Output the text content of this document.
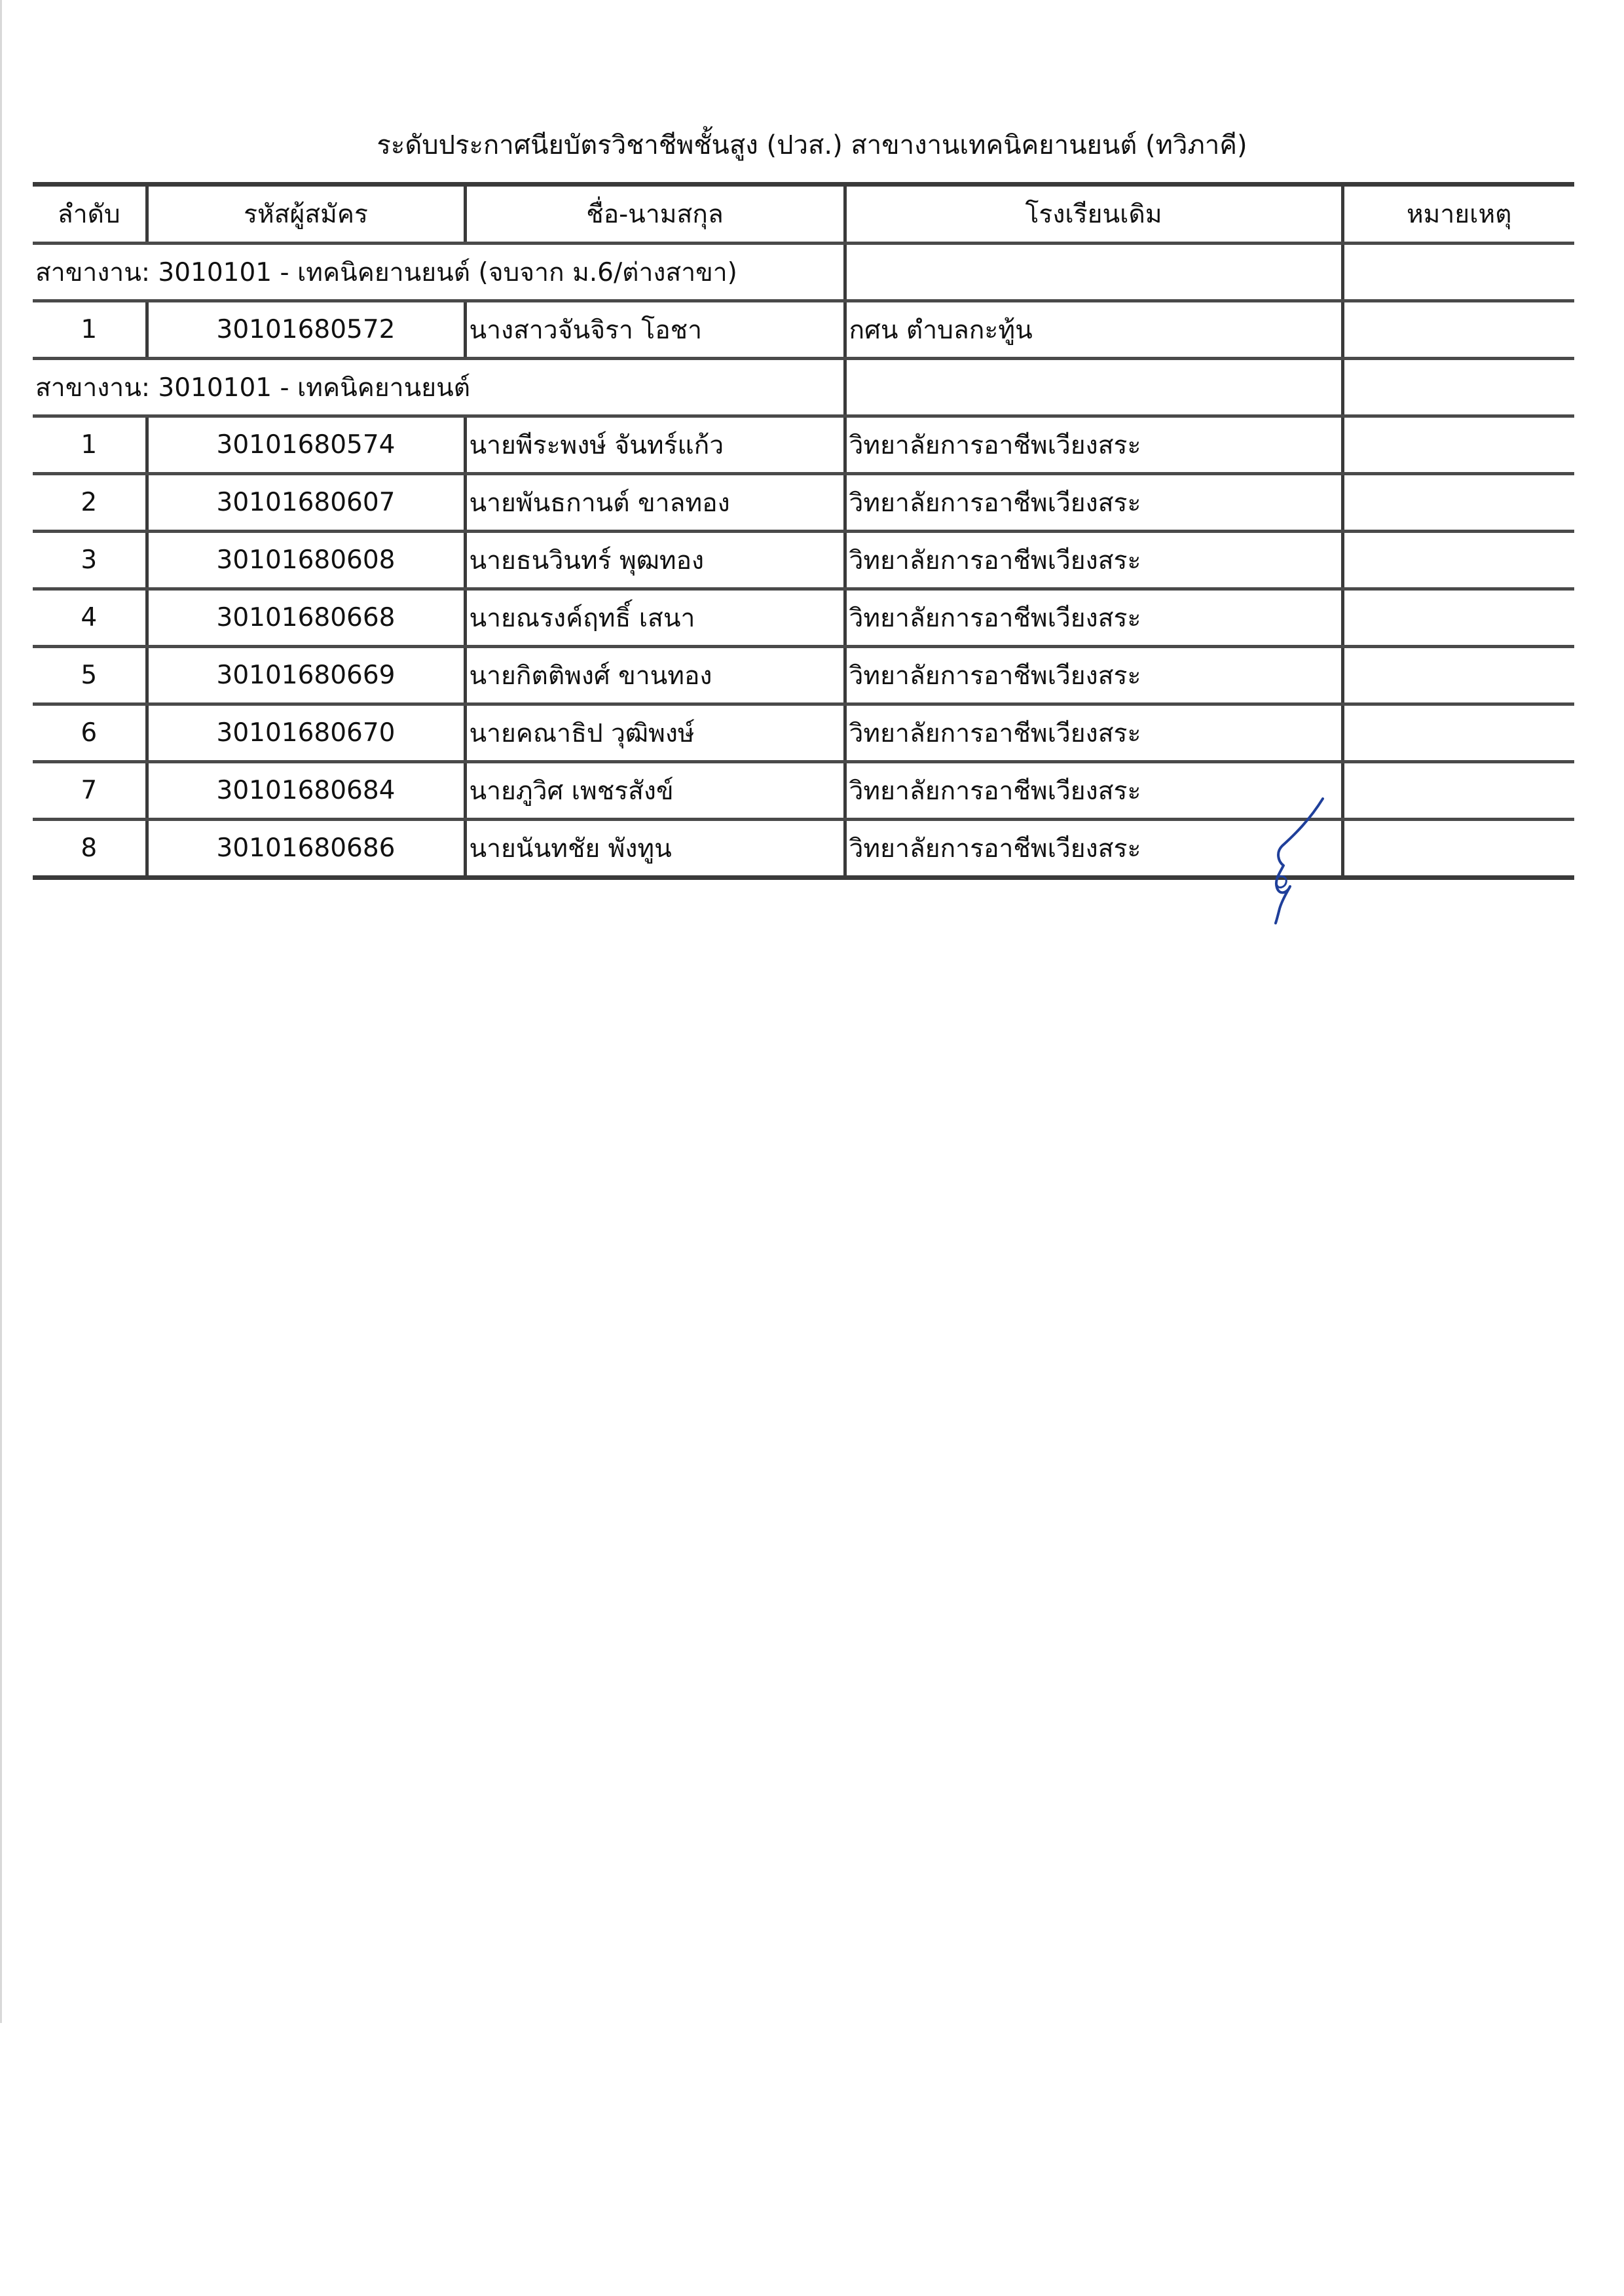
ระดับประกาศนียบัตรวิชาชีพชั้นสูง (ปวส.) สาขางานเทคนิคยานยนต์ (ทวิภาคี)
ลำดับ	รหัสผู้สมัคร	ชื่อ-นามสกุล	โรงเรียนเดิม	หมายเหตุ
สาขางาน: 3010101 - เทคนิคยานยนต์ (จบจาก ม.6/ต่างสาขา)				
1	30101680572	นางสาวจันจิรา โอชา	กศน ตำบลกะทู้น	
สาขางาน: 3010101 - เทคนิคยานยนต์				
1	30101680574	นายพีระพงษ์ จันทร์แก้ว	วิทยาลัยการอาชีพเวียงสระ	
2	30101680607	นายพันธกานต์ ขาลทอง	วิทยาลัยการอาชีพเวียงสระ	
3	30101680608	นายธนวินทร์ พุฒทอง	วิทยาลัยการอาชีพเวียงสระ	
4	30101680668	นายณรงค์ฤทธิ์ เสนา	วิทยาลัยการอาชีพเวียงสระ	
5	30101680669	นายกิตติพงศ์ ขานทอง	วิทยาลัยการอาชีพเวียงสระ	
6	30101680670	นายคณาธิป วุฒิพงษ์	วิทยาลัยการอาชีพเวียงสระ	
7	30101680684	นายภูวิศ เพชรสังข์	วิทยาลัยการอาชีพเวียงสระ	
8	30101680686	นายนันทชัย พังทูน	วิทยาลัยการอาชีพเวียงสระ	
